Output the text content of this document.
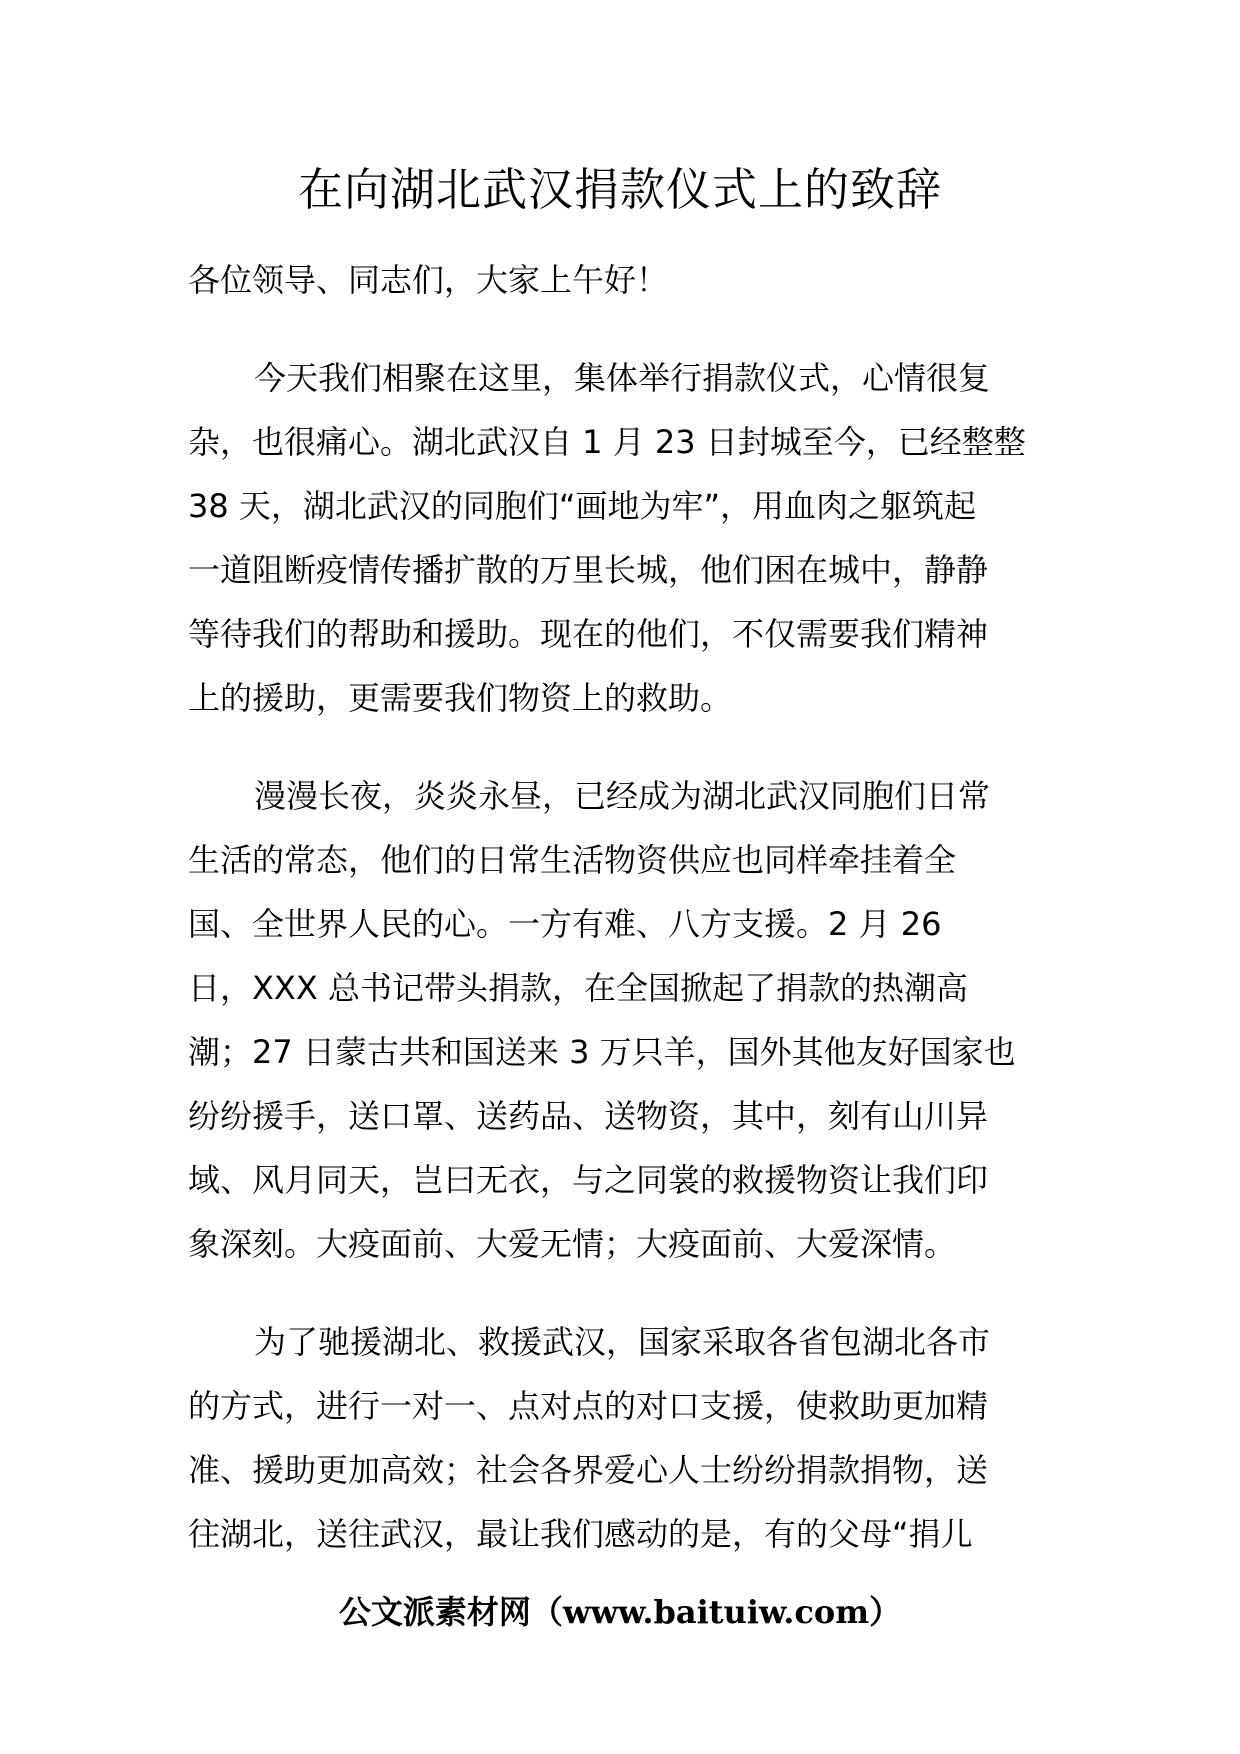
在向湖北武汉捐款仪式上的致辞
各位领导、同志们，大家上午好！
今天我们相聚在这里，集体举行捐款仪式，心情很复
杂，也很痛心。湖北武汉自 1 月 23 日封城至今，已经整整
38 天，湖北武汉的同胞们“画地为牢”，用血肉之躯筑起
一道阻断疫情传播扩散的万里长城，他们困在城中，静静
等待我们的帮助和援助。现在的他们，不仅需要我们精神
上的援助，更需要我们物资上的救助。
漫漫长夜，炎炎永昼，已经成为湖北武汉同胞们日常
生活的常态，他们的日常生活物资供应也同样牵挂着全
国、全世界人民的心。一方有难、八方支援。2 月 26
日，XXX 总书记带头捐款，在全国掀起了捐款的热潮高
潮；27 日蒙古共和国送来 3 万只羊，国外其他友好国家也
纷纷援手，送口罩、送药品、送物资，其中，刻有山川异
域、风月同天，岂曰无衣，与之同裳的救援物资让我们印
象深刻。大疫面前、大爱无情；大疫面前、大爱深情。
为了驰援湖北、救援武汉，国家采取各省包湖北各市
的方式，进行一对一、点对点的对口支援，使救助更加精
准、援助更加高效；社会各界爱心人士纷纷捐款捐物，送
往湖北，送往武汉，最让我们感动的是，有的父母“捐儿
公文派素材网（www.baituiw.com）
